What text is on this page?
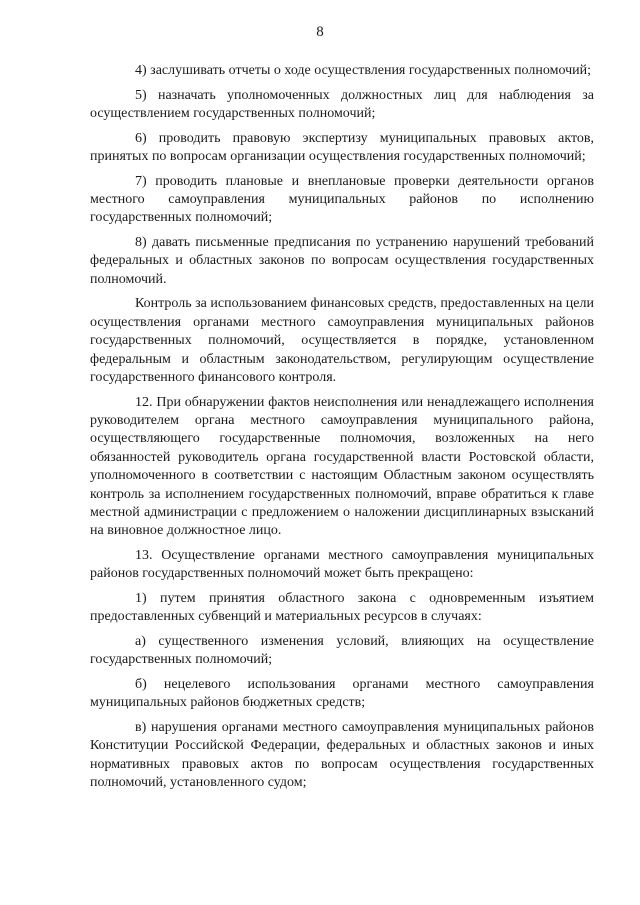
8

4) заслушивать отчеты о ходе осуществления государственных полномочий;

5) назначать уполномоченных должностных лиц для наблюдения за осуществлением государственных полномочий;

6) проводить правовую экспертизу муниципальных правовых актов, принятых по вопросам организации осуществления государственных полномочий;

7) проводить плановые и внеплановые проверки деятельности органов местного самоуправления муниципальных районов по исполнению государственных полномочий;

8) давать письменные предписания по устранению нарушений требований федеральных и областных законов по вопросам осуществления государственных полномочий.

Контроль за использованием финансовых средств, предоставленных на цели осуществления органами местного самоуправления муниципальных районов государственных полномочий, осуществляется в порядке, установленном федеральным и областным законодательством, регулирующим осуществление государственного финансового контроля.

12. При обнаружении фактов неисполнения или ненадлежащего исполнения руководителем органа местного самоуправления муниципального района, осуществляющего государственные полномочия, возложенных на него обязанностей руководитель органа государственной власти Ростовской области, уполномоченного в соответствии с настоящим Областным законом осуществлять контроль за исполнением государственных полномочий, вправе обратиться к главе местной администрации с предложением о наложении дисциплинарных взысканий на виновное должностное лицо.

13. Осуществление органами местного самоуправления муниципальных районов государственных полномочий может быть прекращено:

1) путем принятия областного закона с одновременным изъятием предоставленных субвенций и материальных ресурсов в случаях:

а) существенного изменения условий, влияющих на осуществление государственных полномочий;

б) нецелевого использования органами местного самоуправления муниципальных районов бюджетных средств;

в) нарушения органами местного самоуправления муниципальных районов Конституции Российской Федерации, федеральных и областных законов и иных нормативных правовых актов по вопросам осуществления государственных полномочий, установленного судом;
